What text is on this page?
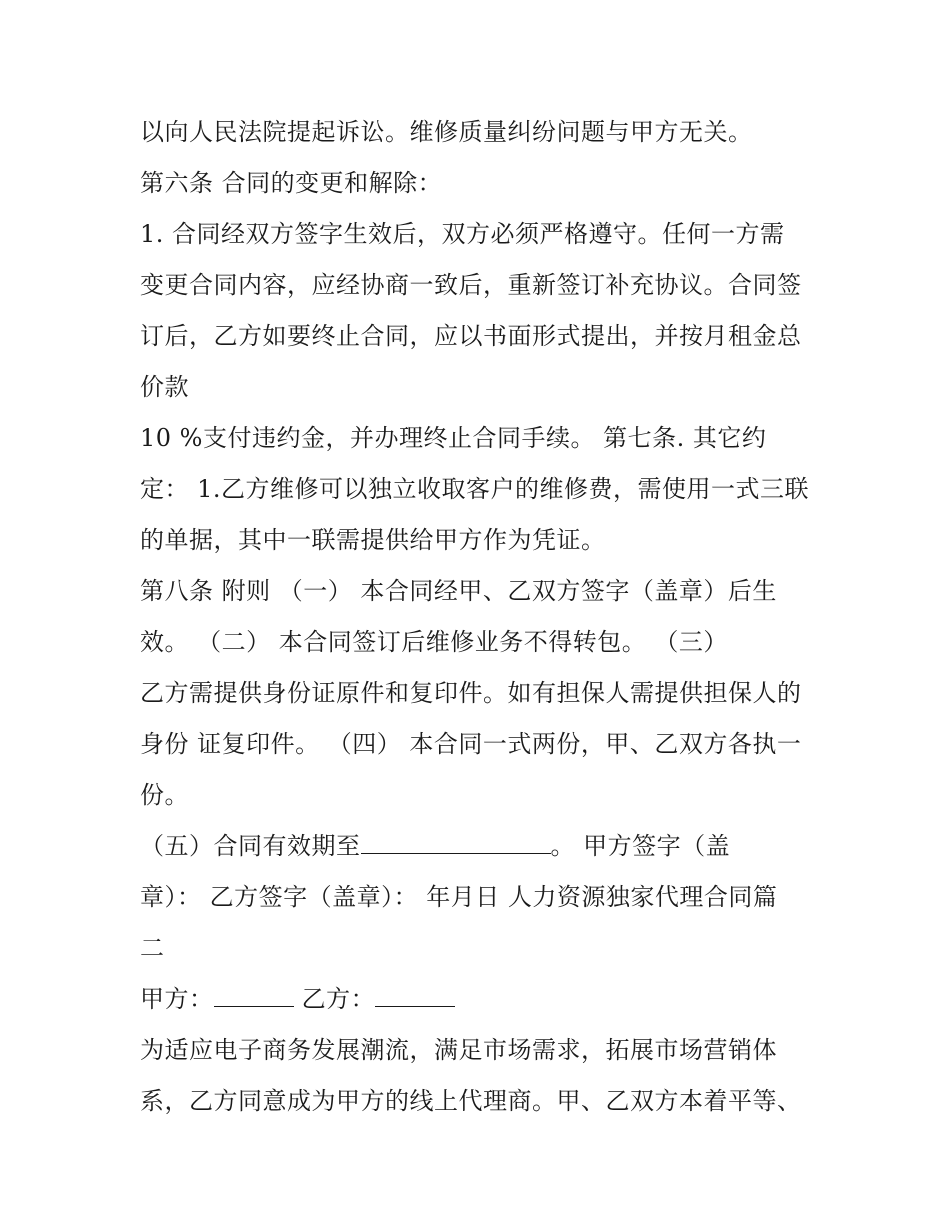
以向人民法院提起诉讼。维修质量纠纷问题与甲方无关。
第六条 合同的变更和解除：
1. 合同经双方签字生效后，双方必须严格遵守。任何一方需
变更合同内容，应经协商一致后，重新签订补充协议。合同签
订后，乙方如要终止合同，应以书面形式提出，并按月租金总
价款
10 %支付违约金，并办理终止合同手续。 第七条. 其它约
定： 1.乙方维修可以独立收取客户的维修费，需使用一式三联
的单据，其中一联需提供给甲方作为凭证。
第八条 附则 （一） 本合同经甲、乙双方签字（盖章）后生
效。 （二） 本合同签订后维修业务不得转包。 （三）
乙方需提供身份证原件和复印件。如有担保人需提供担保人的
身份 证复印件。 （四） 本合同一式两份，甲、乙双方各执一
份。
（五）合同有效期至	。 甲方签字（盖
章）： 乙方签字（盖章）： 年月日 人力资源独家代理合同篇
二
甲方：	乙方：
为适应电子商务发展潮流，满足市场需求，拓展市场营销体
系，乙方同意成为甲方的线上代理商。甲、乙双方本着平等、
